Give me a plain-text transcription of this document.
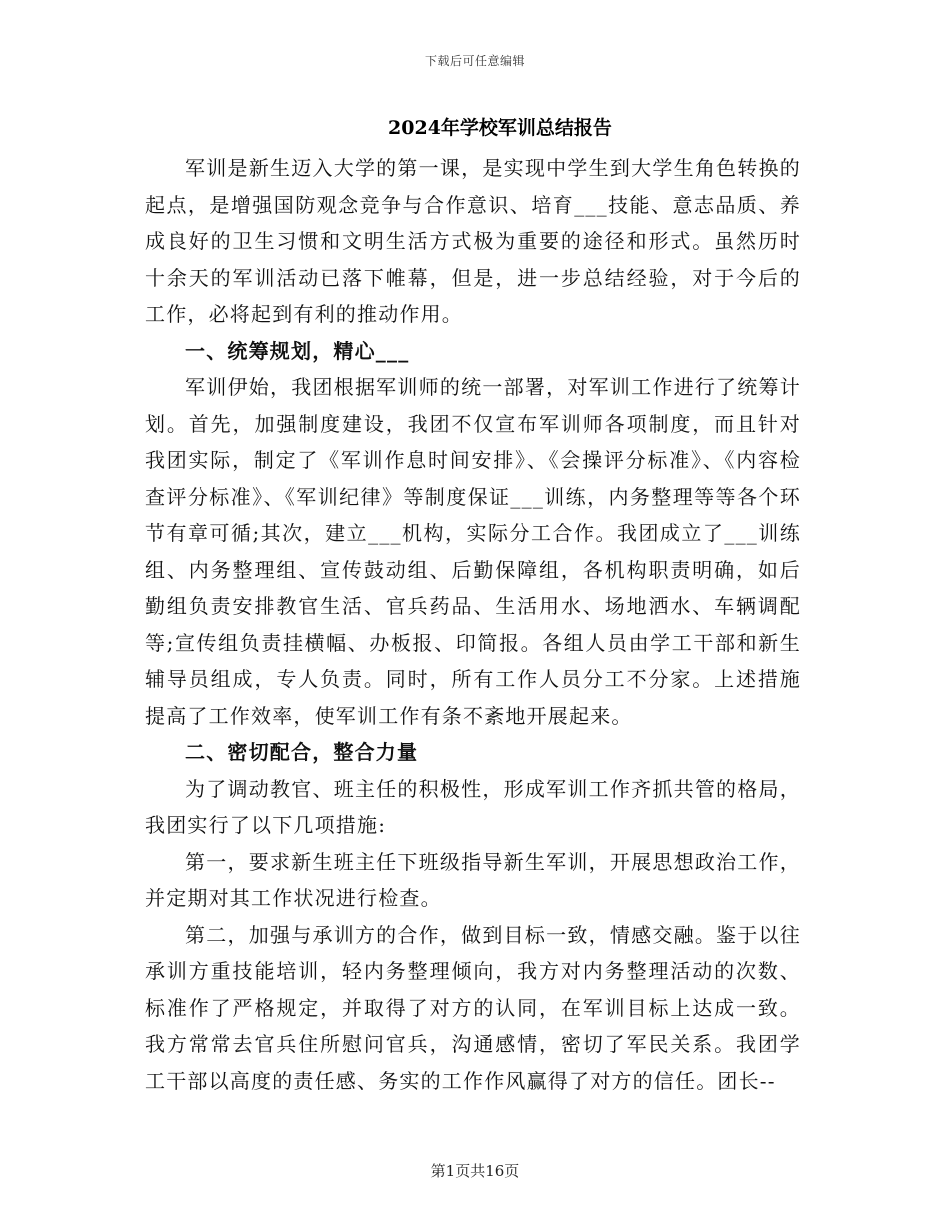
下载后可任意编辑
2024年学校军训总结报告

军训是新生迈入大学的第一课，是实现中学生到大学生角色转换的起点，是增强国防观念竞争与合作意识、培育___技能、意志品质、养成良好的卫生习惯和文明生活方式极为重要的途径和形式。虽然历时十余天的军训活动已落下帷幕，但是，进一步总结经验，对于今后的工作，必将起到有利的推动作用。

一、统筹规划，精心___

军训伊始，我团根据军训师的统一部署，对军训工作进行了统筹计划。首先，加强制度建设，我团不仅宣布军训师各项制度，而且针对我团实际，制定了《军训作息时间安排》、《会操评分标准》、《内容检查评分标准》、《军训纪律》等制度保证___训练，内务整理等等各个环节有章可循;其次，建立___机构，实际分工合作。我团成立了___训练组、内务整理组、宣传鼓动组、后勤保障组，各机构职责明确，如后勤组负责安排教官生活、官兵药品、生活用水、场地洒水、车辆调配等;宣传组负责挂横幅、办板报、印简报。各组人员由学工干部和新生辅导员组成，专人负责。同时，所有工作人员分工不分家。上述措施提高了工作效率，使军训工作有条不紊地开展起来。

二、密切配合，整合力量

为了调动教官、班主任的积极性，形成军训工作齐抓共管的格局，我团实行了以下几项措施:

第一，要求新生班主任下班级指导新生军训，开展思想政治工作，并定期对其工作状况进行检查。

第二，加强与承训方的合作，做到目标一致，情感交融。鉴于以往承训方重技能培训，轻内务整理倾向，我方对内务整理活动的次数、标准作了严格规定，并取得了对方的认同，在军训目标上达成一致。我方常常去官兵住所慰问官兵，沟通感情，密切了军民关系。我团学工干部以高度的责任感、务实的工作作风赢得了对方的信任。团长--

第1页共16页
